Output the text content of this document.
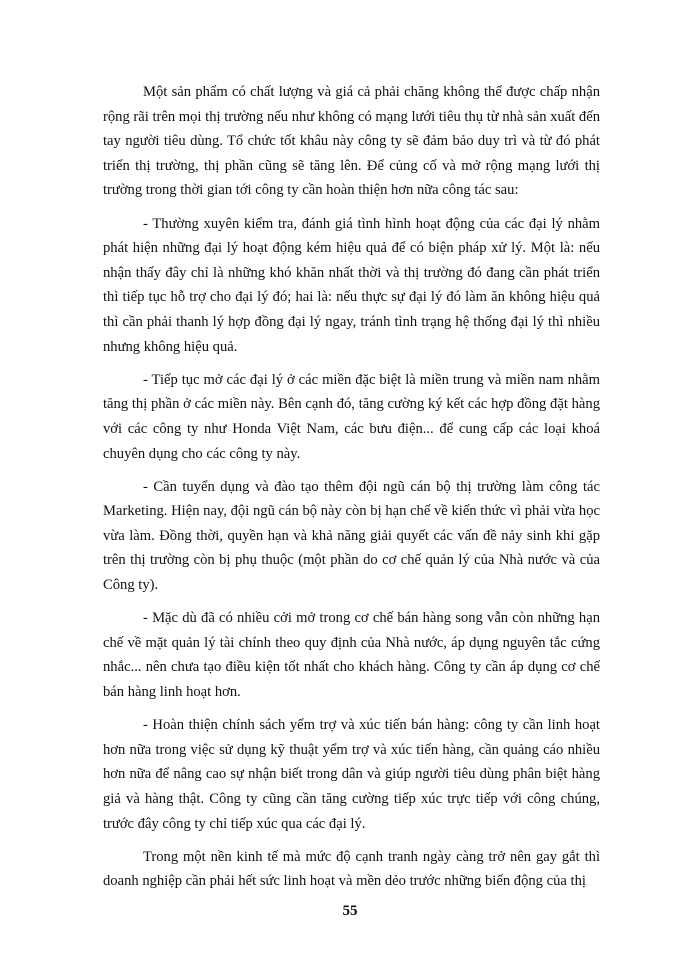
Một sản phẩm có chất lượng và giá cả phải chăng không thể được chấp nhận rộng rãi trên mọi thị trường nếu như không có mạng lưới tiêu thụ từ nhà sản xuất đến tay người tiêu dùng. Tổ chức tốt khâu này công ty sẽ đảm bảo duy trì và từ đó phát triển thị trường, thị phần cũng sẽ tăng lên. Để củng cố và mở rộng mạng lưới thị trường trong thời gian tới công ty cần hoàn thiện hơn nữa công tác sau:

- Thường xuyên kiểm tra, đánh giá tình hình hoạt động của các đại lý nhằm phát hiện những đại lý hoạt động kém hiệu quả để có biện pháp xử lý. Một là: nếu nhận thấy đây chỉ là những khó khăn nhất thời và thị trường đó đang cần phát triển thì tiếp tục hỗ trợ cho đại lý đó; hai là: nếu thực sự đại lý đó làm ăn không hiệu quả thì cần phải thanh lý hợp đồng đại lý ngay, tránh tình trạng hệ thống đại lý thì nhiều nhưng không hiệu quả.

- Tiếp tục mở các đại lý ở các miền đặc biệt là miền trung và miền nam nhằm tăng thị phần ở các miền này. Bên cạnh đó, tăng cường ký kết các hợp đồng đặt hàng với các công ty như Honda Việt Nam, các bưu điện... để cung cấp các loại khoá chuyên dụng cho các công ty này.

- Cần tuyển dụng và đào tạo thêm đội ngũ cán bộ thị trường làm công tác Marketing. Hiện nay, đội ngũ cán bộ này còn bị hạn chế về kiến thức vì phải vừa học vừa làm. Đồng thời, quyền hạn và khả năng giải quyết các vấn đề nảy sinh khi gặp trên thị trường còn bị phụ thuộc (một phần do cơ chế quản lý của Nhà nước và của Công ty).

- Mặc dù đã có nhiều cởi mở trong cơ chế bán hàng song vẫn còn những hạn chế về mặt quản lý tài chính theo quy định của Nhà nước, áp dụng nguyên tắc cứng nhắc... nên chưa tạo điều kiện tốt nhất cho khách hàng. Công ty cần áp dụng cơ chế bán hàng linh hoạt hơn.

- Hoàn thiện chính sách yểm trợ và xúc tiến bán hàng: công ty cần linh hoạt hơn nữa trong việc sử dụng kỹ thuật yểm trợ và xúc tiến hàng, cần quảng cáo nhiều hơn nữa để nâng cao sự nhận biết trong dân và giúp người tiêu dùng phân biệt hàng giả và hàng thật. Công ty cũng cần tăng cường tiếp xúc trực tiếp với công chúng, trước đây công ty chỉ tiếp xúc qua các đại lý.

Trong một nền kinh tế mà mức độ cạnh tranh ngày càng trở nên gay gắt thì doanh nghiệp cần phải hết sức linh hoạt và mền dẻo trước những biến động của thị

55
